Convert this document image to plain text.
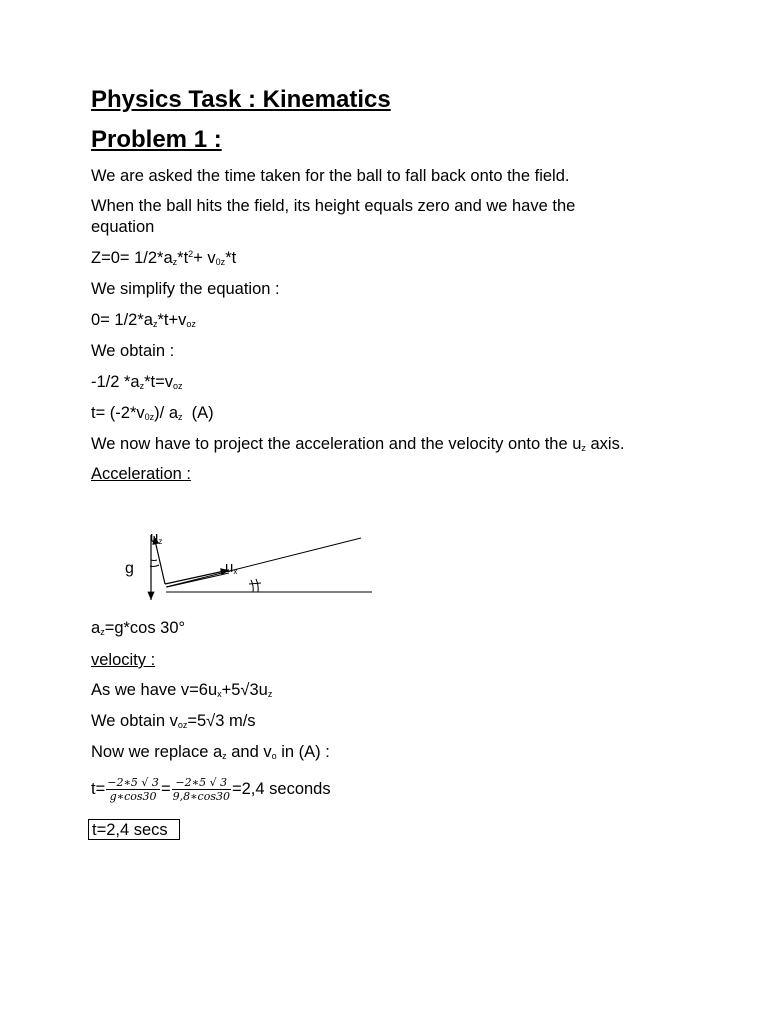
Physics Task : Kinematics
Problem 1 :
We are asked the time taken for the ball to fall back onto the field.
When the ball hits the field, its height equals zero and we have the
equation
$Z=0= 1/2*a_z*t^2+ v_{0z}*t$
We simplify the equation :
$0= 1/2*a_z*t+v_{oz}$
We obtain :
-1/2 $*a_z*t=v_{oz}$
$t= (-2*v_{0z})/$ $a_z$  (A)
We now have to project the acceleration and the velocity onto the $u_z$ axis.
Acceleration :
uz
ux
g
$a_z=g*\cos$ 30°
velocity :
As we have $v=6u_x+5√3u_z$
We obtain $v_{oz}=5√3$ m/s
Now we replace $a_z$ and $v_o$ in (A) :
$t= \frac{-2∗5 √ 3}{g∗\cos 30} = \frac{-2∗5 √ 3}{9,8∗\cos 30} =2,4$ seconds
t=2,4 secs
